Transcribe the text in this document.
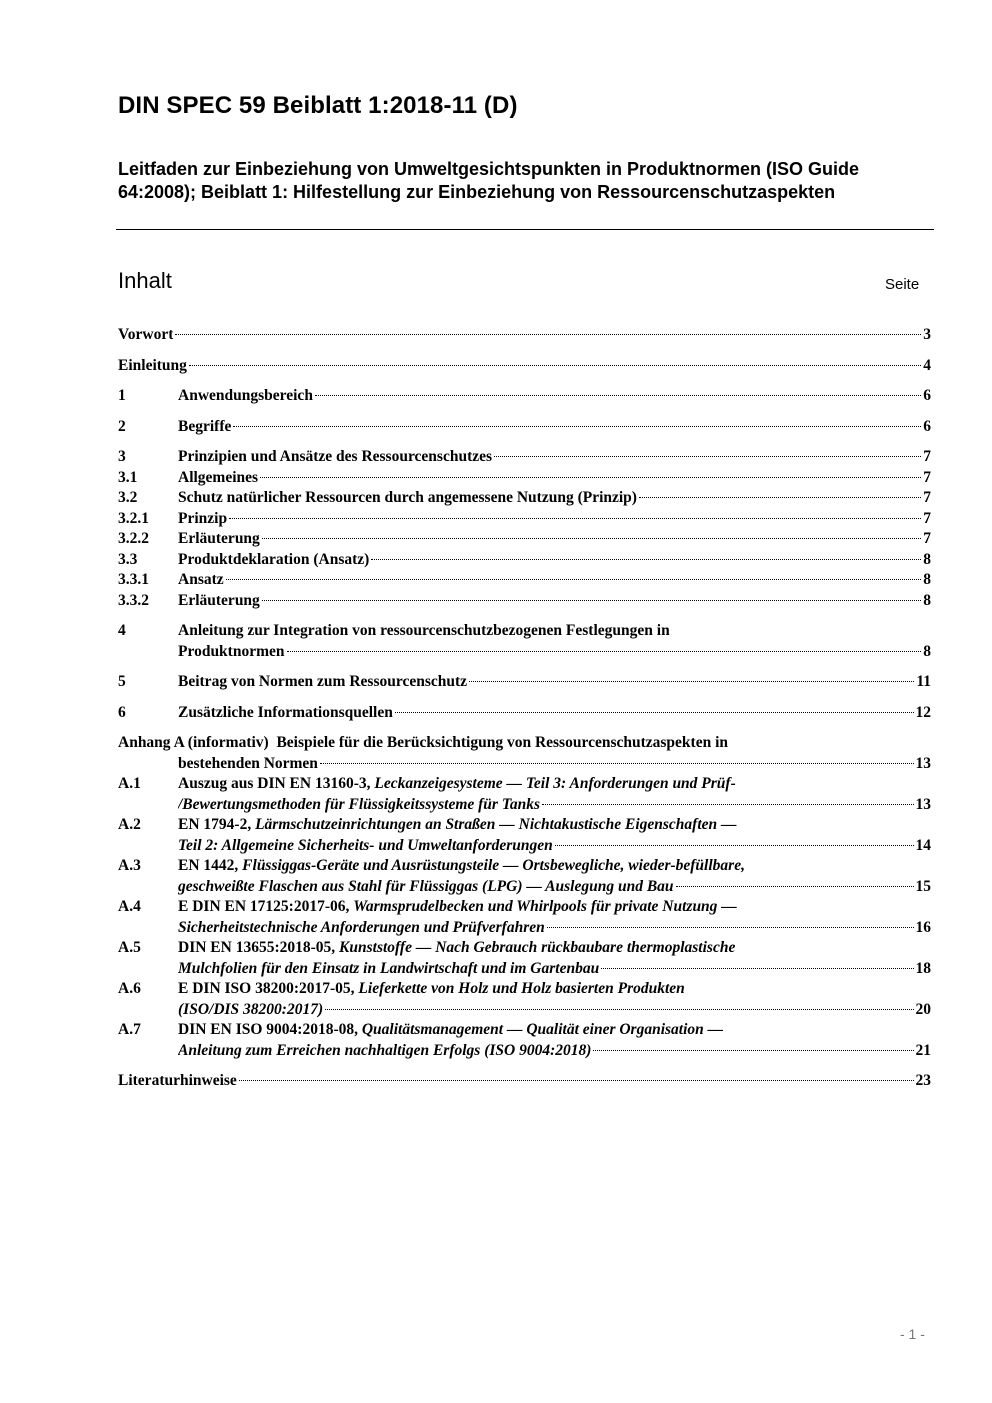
DIN SPEC 59 Beiblatt 1:2018-11 (D)
Leitfaden zur Einbeziehung von Umweltgesichtspunkten in Produktnormen (ISO Guide 64:2008); Beiblatt 1: Hilfestellung zur Einbeziehung von Ressourcenschutzaspekten
Inhalt	Seite
Vorwort	3
Einleitung	4
1	Anwendungsbereich	6
2	Begriffe	6
3	Prinzipien und Ansätze des Ressourcenschutzes	7
3.1	Allgemeines	7
3.2	Schutz natürlicher Ressourcen durch angemessene Nutzung (Prinzip)	7
3.2.1	Prinzip	7
3.2.2	Erläuterung	7
3.3	Produktdeklaration (Ansatz)	8
3.3.1	Ansatz	8
3.3.2	Erläuterung	8
4	Anleitung zur Integration von ressourcenschutzbezogenen Festlegungen in
Produktnormen	8
5	Beitrag von Normen zum Ressourcenschutz	11
6	Zusätzliche Informationsquellen	12
Anhang A (informativ)  Beispiele für die Berücksichtigung von Ressourcenschutzaspekten in
bestehenden Normen	13
A.1	Auszug aus DIN EN 13160-3, Leckanzeigesysteme — Teil 3: Anforderungen und Prüf-
/Bewertungsmethoden für Flüssigkeitssysteme für Tanks	13
A.2	EN 1794-2, Lärmschutzeinrichtungen an Straßen — Nichtakustische Eigenschaften —
Teil 2: Allgemeine Sicherheits- und Umweltanforderungen	14
A.3	EN 1442, Flüssiggas-Geräte und Ausrüstungsteile — Ortsbewegliche, wieder-befüllbare,
geschweißte Flaschen aus Stahl für Flüssiggas (LPG) — Auslegung und Bau	15
A.4	E DIN EN 17125:2017-06, Warmsprudelbecken und Whirlpools für private Nutzung —
Sicherheitstechnische Anforderungen und Prüfverfahren	16
A.5	DIN EN 13655:2018-05, Kunststoffe — Nach Gebrauch rückbaubare thermoplastische
Mulchfolien für den Einsatz in Landwirtschaft und im Gartenbau	18
A.6	E DIN ISO 38200:2017-05, Lieferkette von Holz und Holz basierten Produkten
(ISO/DIS 38200:2017)	20
A.7	DIN EN ISO 9004:2018-08, Qualitätsmanagement — Qualität einer Organisation —
Anleitung zum Erreichen nachhaltigen Erfolgs (ISO 9004:2018)	21
Literaturhinweise	23
- 1 -
